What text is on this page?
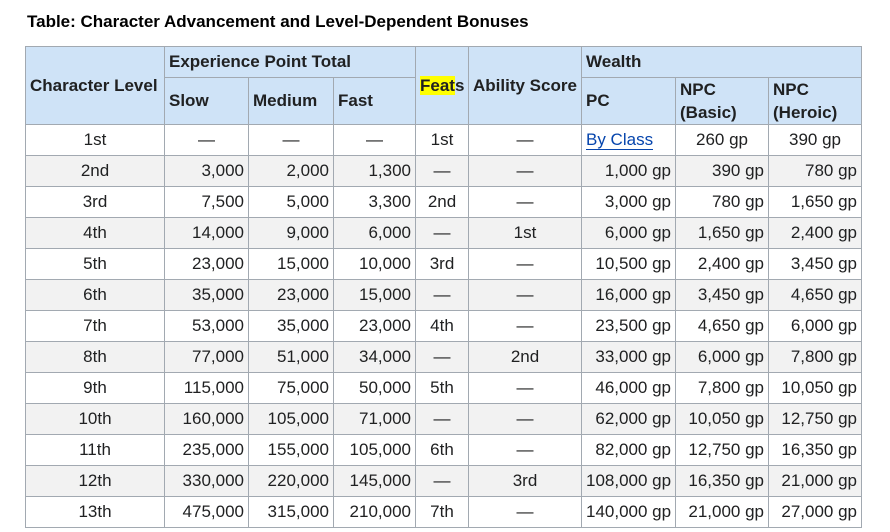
Table: Character Advancement and Level-Dependent Bonuses
Character Level	Experience Point Total			Feats	Ability Score	Wealth		
	Slow	Medium	Fast			PC	NPC (Basic)	NPC (Heroic)
1st	—	—	—	1st	—	By Class	260 gp	390 gp
2nd	3,000	2,000	1,300	—	—	1,000 gp	390 gp	780 gp
3rd	7,500	5,000	3,300	2nd	—	3,000 gp	780 gp	1,650 gp
4th	14,000	9,000	6,000	—	1st	6,000 gp	1,650 gp	2,400 gp
5th	23,000	15,000	10,000	3rd	—	10,500 gp	2,400 gp	3,450 gp
6th	35,000	23,000	15,000	—	—	16,000 gp	3,450 gp	4,650 gp
7th	53,000	35,000	23,000	4th	—	23,500 gp	4,650 gp	6,000 gp
8th	77,000	51,000	34,000	—	2nd	33,000 gp	6,000 gp	7,800 gp
9th	115,000	75,000	50,000	5th	—	46,000 gp	7,800 gp	10,050 gp
10th	160,000	105,000	71,000	—	—	62,000 gp	10,050 gp	12,750 gp
11th	235,000	155,000	105,000	6th	—	82,000 gp	12,750 gp	16,350 gp
12th	330,000	220,000	145,000	—	3rd	108,000 gp	16,350 gp	21,000 gp
13th	475,000	315,000	210,000	7th	—	140,000 gp	21,000 gp	27,000 gp
